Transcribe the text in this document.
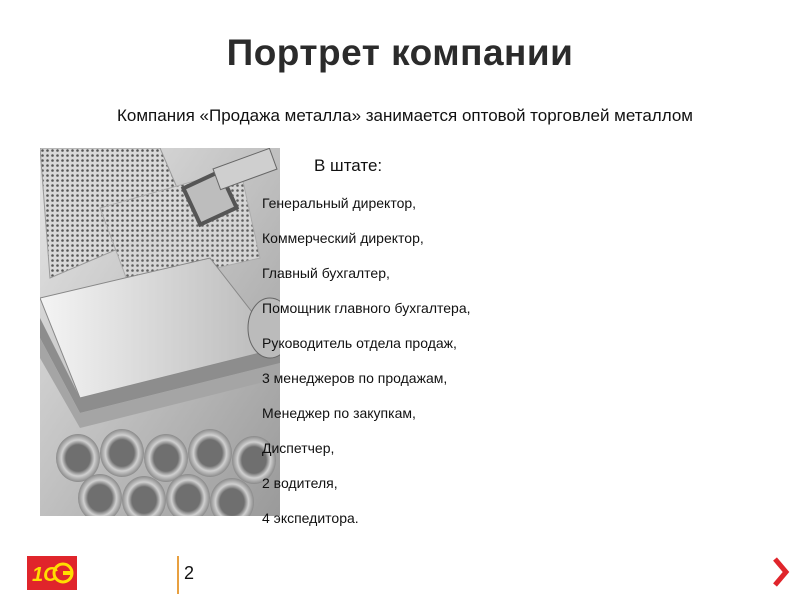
Портрет компании
Компания «Продажа металла» занимается оптовой торговлей металлом
В штате:
Генеральный директор,
Коммерческий директор,
Главный бухгалтер,
Помощник главного бухгалтера,
Руководитель отдела продаж,
3 менеджеров по продажам,
Менеджер по закупкам,
Диспетчер,
2 водителя,
4 экспедитора.
1С	2
